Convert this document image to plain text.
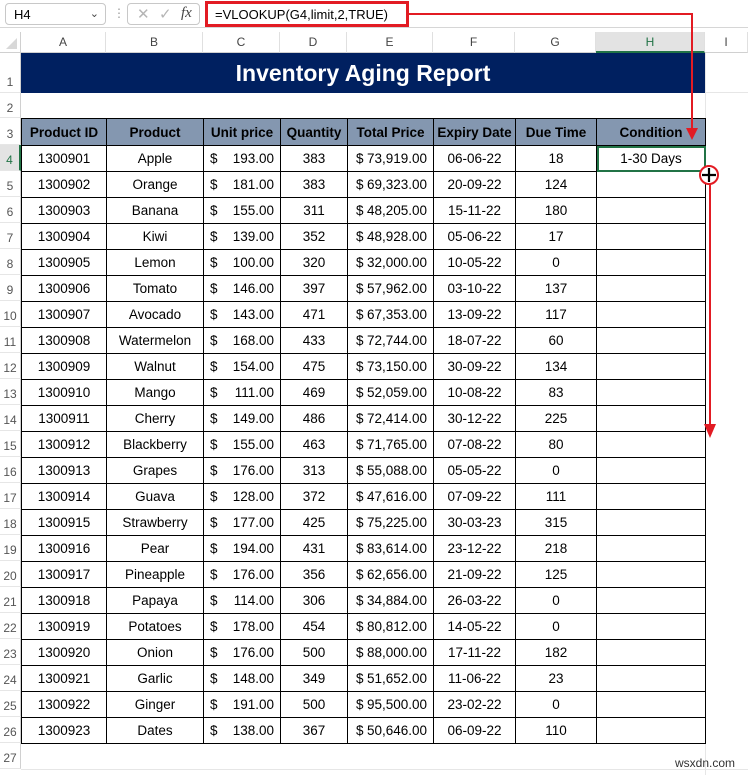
H4	⌄ ⋮ ✕ ✓ fx	=VLOOKUP(G4,limit,2,TRUE)
A	B	C	D	E	F	G	H	I
1
2
3
4
5
6
7
8
9
10
11
12
13
14
15
16
17
18
19
20
21
22
23
24
25
26
27
Inventory Aging Report
Product ID	Product	Unit price	Quantity	Total Price	Expiry Date	Due Time	Condition
1300901	Apple	$ 193.00	383	$ 73,919.00	06-06-22	18	1-30 Days
1300902	Orange	$ 181.00	383	$ 69,323.00	20-09-22	124	
1300903	Banana	$ 155.00	311	$ 48,205.00	15-11-22	180	
1300904	Kiwi	$ 139.00	352	$ 48,928.00	05-06-22	17	
1300905	Lemon	$ 100.00	320	$ 32,000.00	10-05-22	0	
1300906	Tomato	$ 146.00	397	$ 57,962.00	03-10-22	137	
1300907	Avocado	$ 143.00	471	$ 67,353.00	13-09-22	117	
1300908	Watermelon	$ 168.00	433	$ 72,744.00	18-07-22	60	
1300909	Walnut	$ 154.00	475	$ 73,150.00	30-09-22	134	
1300910	Mango	$ 111.00	469	$ 52,059.00	10-08-22	83	
1300911	Cherry	$ 149.00	486	$ 72,414.00	30-12-22	225	
1300912	Blackberry	$ 155.00	463	$ 71,765.00	07-08-22	80	
1300913	Grapes	$ 176.00	313	$ 55,088.00	05-05-22	0	
1300914	Guava	$ 128.00	372	$ 47,616.00	07-09-22	111	
1300915	Strawberry	$ 177.00	425	$ 75,225.00	30-03-23	315	
1300916	Pear	$ 194.00	431	$ 83,614.00	23-12-22	218	
1300917	Pineapple	$ 176.00	356	$ 62,656.00	21-09-22	125	
1300918	Papaya	$ 114.00	306	$ 34,884.00	26-03-22	0	
1300919	Potatoes	$ 178.00	454	$ 80,812.00	14-05-22	0	
1300920	Onion	$ 176.00	500	$ 88,000.00	17-11-22	182	
1300921	Garlic	$ 148.00	349	$ 51,652.00	11-06-22	23	
1300922	Ginger	$ 191.00	500	$ 95,500.00	23-02-22	0	
1300923	Dates	$ 138.00	367	$ 50,646.00	06-09-22	110	
wsxdn.com
